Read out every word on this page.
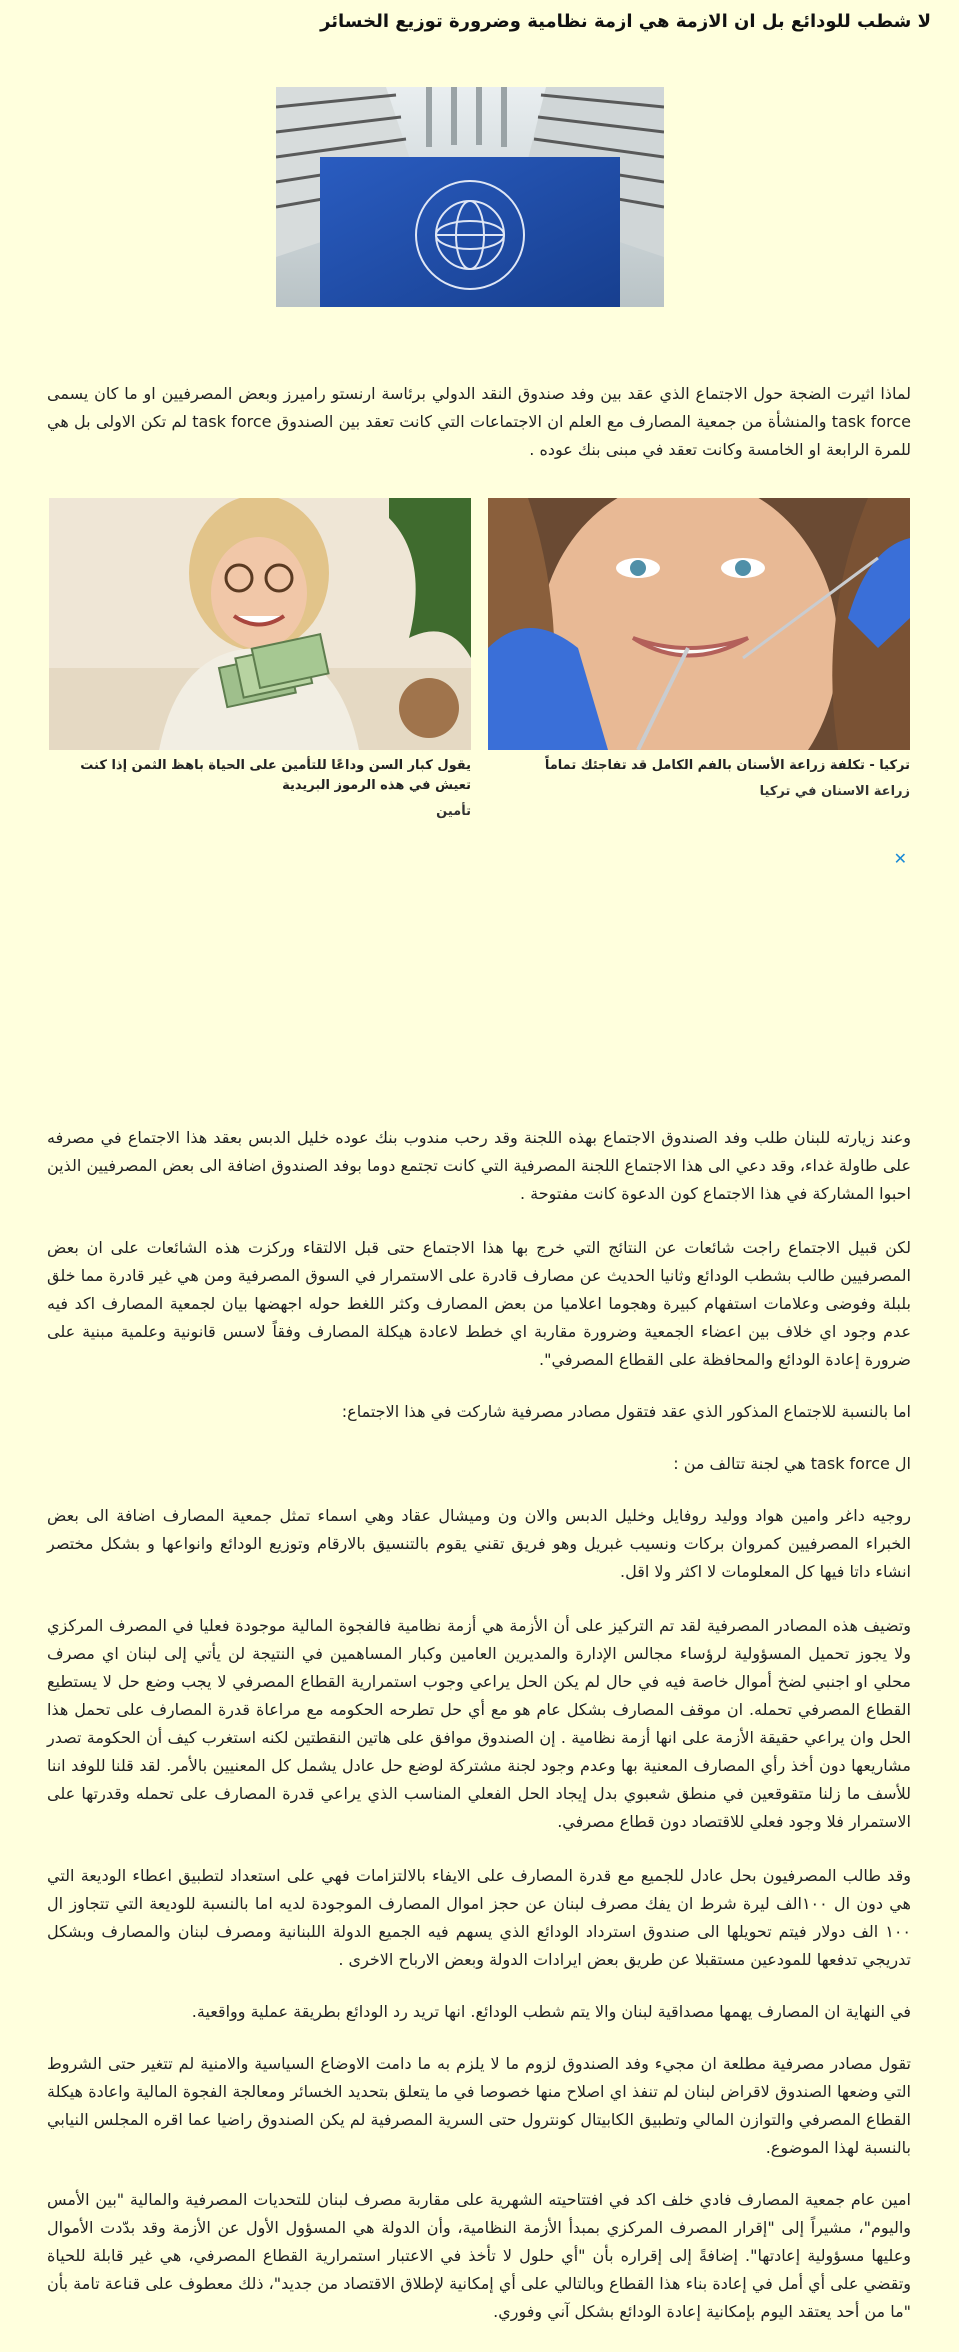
لا شطب للودائع بل ان الازمة هي ازمة نظامية وضرورة توزيع الخسائر

لماذا اثيرت الضجة حول الاجتماع الذي عقد بين وفد صندوق النقد الدولي برئاسة ارنستو راميرز وبعض المصرفيين او ما كان يسمى task force والمنشأة من جمعية المصارف مع العلم ان الاجتماعات التي كانت تعقد بين الصندوق task force لم تكن الاولى بل هي للمرة الرابعة او الخامسة وكانت تعقد في مبنى بنك عوده .

تركيا - تكلفة زراعة الأسنان بالفم الكامل قد تفاجئك تماماً
زراعة الاسنان في تركيا
يقول كبار السن وداعًا للتأمين على الحياة باهظ الثمن إذا كنت تعيش في هذه الرموز البريدية
تأمين
✕

وعند زيارته للبنان طلب وفد الصندوق الاجتماع بهذه اللجنة وقد رحب مندوب بنك عوده خليل الدبس بعقد هذا الاجتماع في مصرفه على طاولة غداء، وقد دعي الى هذا الاجتماع اللجنة المصرفية التي كانت تجتمع دوما بوفد الصندوق اضافة الى بعض المصرفيين الذين احبوا المشاركة في هذا الاجتماع كون الدعوة كانت مفتوحة .

لكن قبيل الاجتماع راجت شائعات عن النتائج التي خرج بها هذا الاجتماع حتى قبل الالتقاء وركزت هذه الشائعات على ان بعض المصرفيين طالب بشطب الودائع وثانيا الحديث عن مصارف قادرة على الاستمرار في السوق المصرفية ومن هي غير قادرة مما خلق بلبلة وفوضى وعلامات استفهام كبيرة وهجوما اعلاميا من بعض المصارف وكثر اللغط حوله اجهضها بيان لجمعية المصارف اكد فيه عدم وجود اي خلاف بين اعضاء الجمعية وضرورة مقاربة اي خطط لاعادة هيكلة المصارف وفقاً لاسس قانونية وعلمية مبنية على ضرورة إعادة الودائع والمحافظة على القطاع المصرفي".

اما بالنسبة للاجتماع المذكور الذي عقد فتقول مصادر مصرفية شاركت في هذا الاجتماع:

ال task force هي لجنة تتالف من :

روجيه داغر وامين هواد ووليد روفايل وخليل الدبس والان ون وميشال عقاد وهي اسماء تمثل جمعية المصارف اضافة الى بعض الخبراء المصرفيين كمروان بركات ونسيب غبريل وهو فريق تقني يقوم بالتنسيق بالارقام وتوزيع الودائع وانواعها و بشكل مختصر انشاء داتا فيها كل المعلومات لا اكثر ولا اقل.

وتضيف هذه المصادر المصرفية لقد تم التركيز على أن الأزمة هي أزمة نظامية فالفجوة المالية موجودة فعليا في المصرف المركزي ولا يجوز تحميل المسؤولية لرؤساء مجالس الإدارة والمديرين العامين وكبار المساهمين في النتيجة لن يأتي إلى لبنان اي مصرف محلي او اجنبي لضخ أموال خاصة فيه في حال لم يكن الحل يراعي وجوب استمرارية القطاع المصرفي لا يجب وضع حل لا يستطيع القطاع المصرفي تحمله. ان موقف المصارف بشكل عام هو مع أي حل تطرحه الحكومه مع مراعاة قدرة المصارف على تحمل هذا الحل وان يراعي حقيقة الأزمة على انها أزمة نظامية . إن الصندوق موافق على هاتين النقطتين لكنه استغرب كيف أن الحكومة تصدر مشاريعها دون أخذ رأي المصارف المعنية بها وعدم وجود لجنة مشتركة لوضع حل عادل يشمل كل المعنيين بالأمر. لقد قلنا للوفد اننا للأسف ما زلنا متقوقعين في منطق شعبوي بدل إيجاد الحل الفعلي المناسب الذي يراعي قدرة المصارف على تحمله وقدرتها على الاستمرار فلا وجود فعلي للاقتصاد دون قطاع مصرفي.

وقد طالب المصرفيون بحل عادل للجميع مع قدرة المصارف على الايفاء بالالتزامات فهي على استعداد لتطبيق اعطاء الوديعة التي هي دون ال ١٠٠الف ليرة شرط ان يفك مصرف لبنان عن حجز اموال المصارف الموجودة لديه اما بالنسبة للوديعة التي تتجاوز ال ١٠٠ الف دولار فيتم تحويلها الى صندوق استرداد الودائع الذي يسهم فيه الجميع الدولة اللبنانية ومصرف لبنان والمصارف وبشكل تدريجي تدفعها للمودعين مستقبلا عن طريق بعض ايرادات الدولة وبعض الارباح الاخرى .

في النهاية ان المصارف يهمها مصداقية لبنان والا يتم شطب الودائع. انها تريد رد الودائع بطريقة عملية وواقعية.

تقول مصادر مصرفية مطلعة ان مجيء وفد الصندوق لزوم ما لا يلزم به ما دامت الاوضاع السياسية والامنية لم تتغير حتى الشروط التي وضعها الصندوق لاقراض لبنان لم تنفذ اي اصلاح منها خصوصا في ما يتعلق بتحديد الخسائر ومعالجة الفجوة المالية واعادة هيكلة القطاع المصرفي والتوازن المالي وتطبيق الكابيتال كونترول حتى السرية المصرفية لم يكن الصندوق راضيا عما اقره المجلس النيابي بالنسبة لهذا الموضوع.

امين عام جمعية المصارف فادي خلف اكد في افتتاحيته الشهرية على مقاربة مصرف لبنان للتحديات المصرفية والمالية "بين الأمس واليوم"، مشيراً إلى "إقرار المصرف المركزي بمبدأ الأزمة النظامية، وأن الدولة هي المسؤول الأول عن الأزمة وقد بدّدت الأموال وعليها مسؤولية إعادتها". إضافةً إلى إقراره بأن "أي حلول لا تأخذ في الاعتبار استمرارية القطاع المصرفي، هي غير قابلة للحياة وتقضي على أي أمل في إعادة بناء هذا القطاع وبالتالي على أي إمكانية لإطلاق الاقتصاد من جديد"، ذلك معطوف على قناعة تامة بأن "ما من أحد يعتقد اليوم بإمكانية إعادة الودائع بشكل آني وفوري.
